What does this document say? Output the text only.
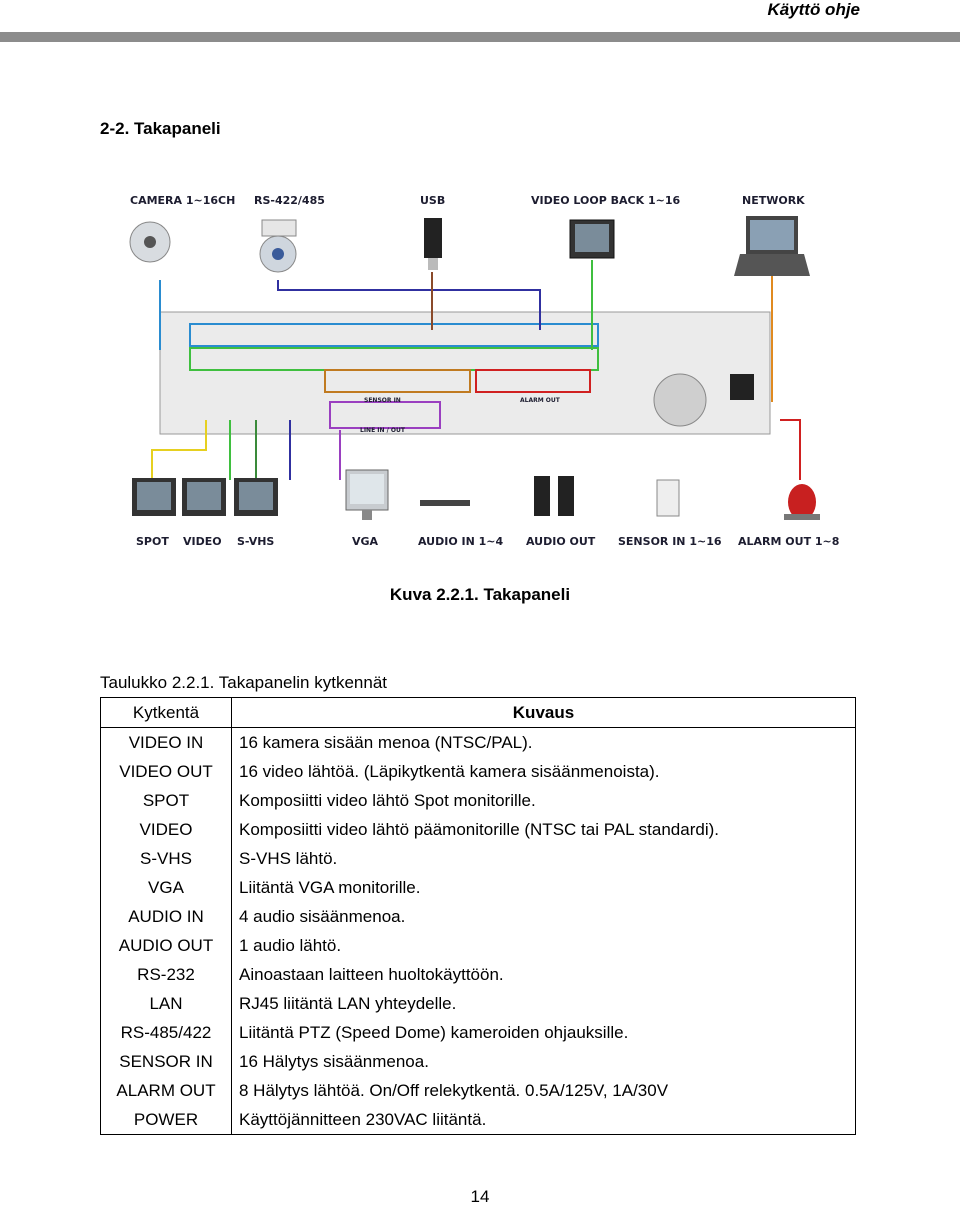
Käyttö ohje
2-2. Takapaneli
CAMERA 1~16CH RS-422/485	USB	VIDEO LOOP BACK 1~16	NETWORK
SENSOR IN	ALARM OUT
LINE IN / OUT
SPOT VIDEO S-VHS	VGA	AUDIO IN 1~4 AUDIO OUT SENSOR IN 1~16 ALARM OUT 1~8
Kuva 2.2.1. Takapaneli
Taulukko 2.2.1. Takapanelin kytkennät
Kytkentä	Kuvaus
VIDEO IN	16 kamera sisään menoa (NTSC/PAL).
VIDEO OUT	16 video lähtöä. (Läpikytkentä kamera sisäänmenoista).
SPOT	Komposiitti video lähtö Spot monitorille.
VIDEO	Komposiitti video lähtö päämonitorille (NTSC tai PAL standardi).
S-VHS	S-VHS lähtö.
VGA	Liitäntä VGA monitorille.
AUDIO IN	4 audio sisäänmenoa.
AUDIO OUT	1 audio lähtö.
RS-232	Ainoastaan laitteen huoltokäyttöön.
LAN	RJ45 liitäntä LAN yhteydelle.
RS-485/422	Liitäntä PTZ (Speed Dome) kameroiden ohjauksille.
SENSOR IN	16 Hälytys sisäänmenoa.
ALARM OUT	8 Hälytys lähtöä. On/Off relekytkentä. 0.5A/125V, 1A/30V
POWER	Käyttöjännitteen 230VAC liitäntä.
14
